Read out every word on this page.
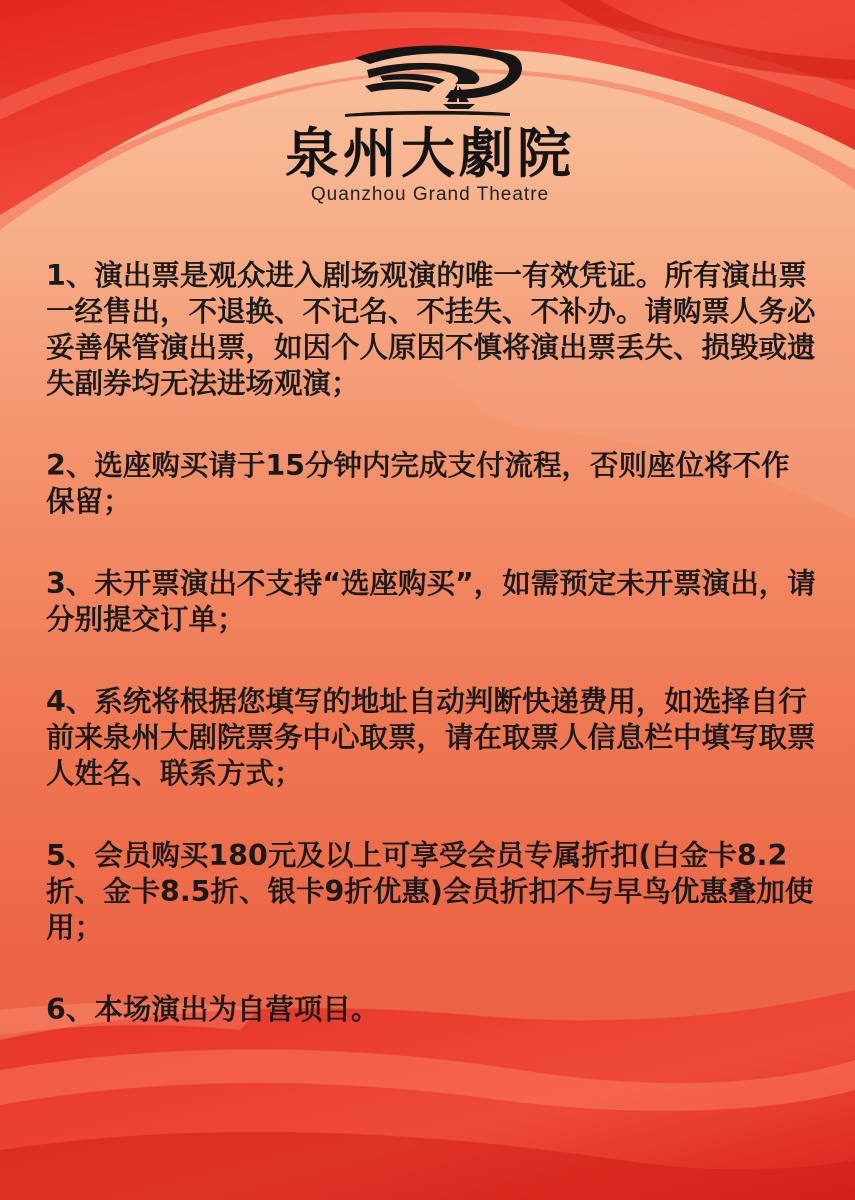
泉州大劇院
Quanzhou Grand Theatre
1、演出票是观众进入剧场观演的唯一有效凭证。所有演出票一经售出，不退换、不记名、不挂失、不补办。请购票人务必妥善保管演出票，如因个人原因不慎将演出票丢失、损毁或遗失副券均无法进场观演；
2、选座购买请于15分钟内完成支付流程，否则座位将不作保留；
3、未开票演出不支持“选座购买”，如需预定未开票演出，请分别提交订单；
4、系统将根据您填写的地址自动判断快递费用，如选择自行前来泉州大剧院票务中心取票，请在取票人信息栏中填写取票人姓名、联系方式；
5、会员购买180元及以上可享受会员专属折扣(白金卡8.2折、金卡8.5折、银卡9折优惠)会员折扣不与早鸟优惠叠加使用；
6、本场演出为自营项目。
